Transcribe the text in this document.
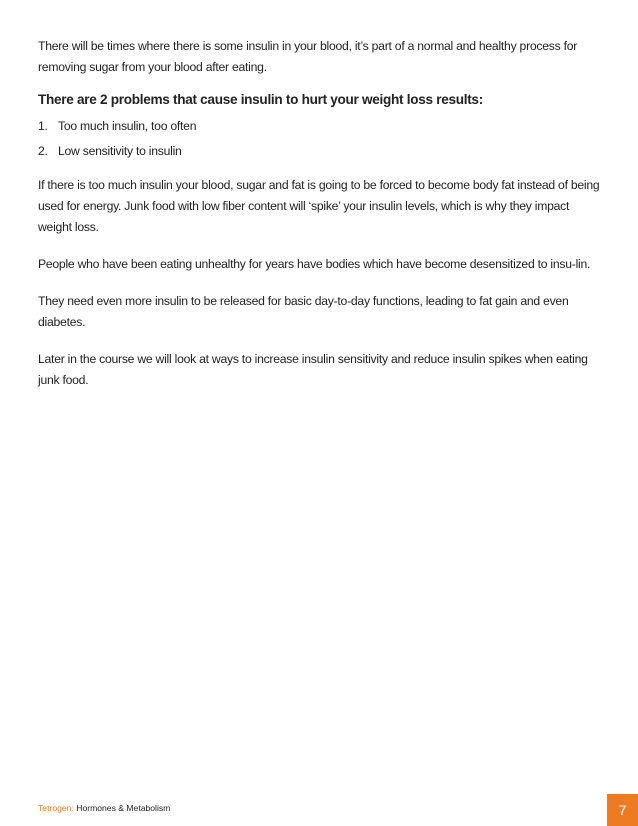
There will be times where there is some insulin in your blood, it’s part of a normal and healthy process for removing sugar from your blood after eating.

There are 2 problems that cause insulin to hurt your weight loss results:
1. Too much insulin, too often
2. Low sensitivity to insulin

If there is too much insulin your blood, sugar and fat is going to be forced to become body fat instead of being used for energy. Junk food with low fiber content will ‘spike’ your insulin levels, which is why they impact weight loss.

People who have been eating unhealthy for years have bodies which have become desensitized to insu-lin.

They need even more insulin to be released for basic day-to-day functions, leading to fat gain and even diabetes.

Later in the course we will look at ways to increase insulin sensitivity and reduce insulin spikes when eating junk food.

Tetrogen: Hormones & Metabolism	7
